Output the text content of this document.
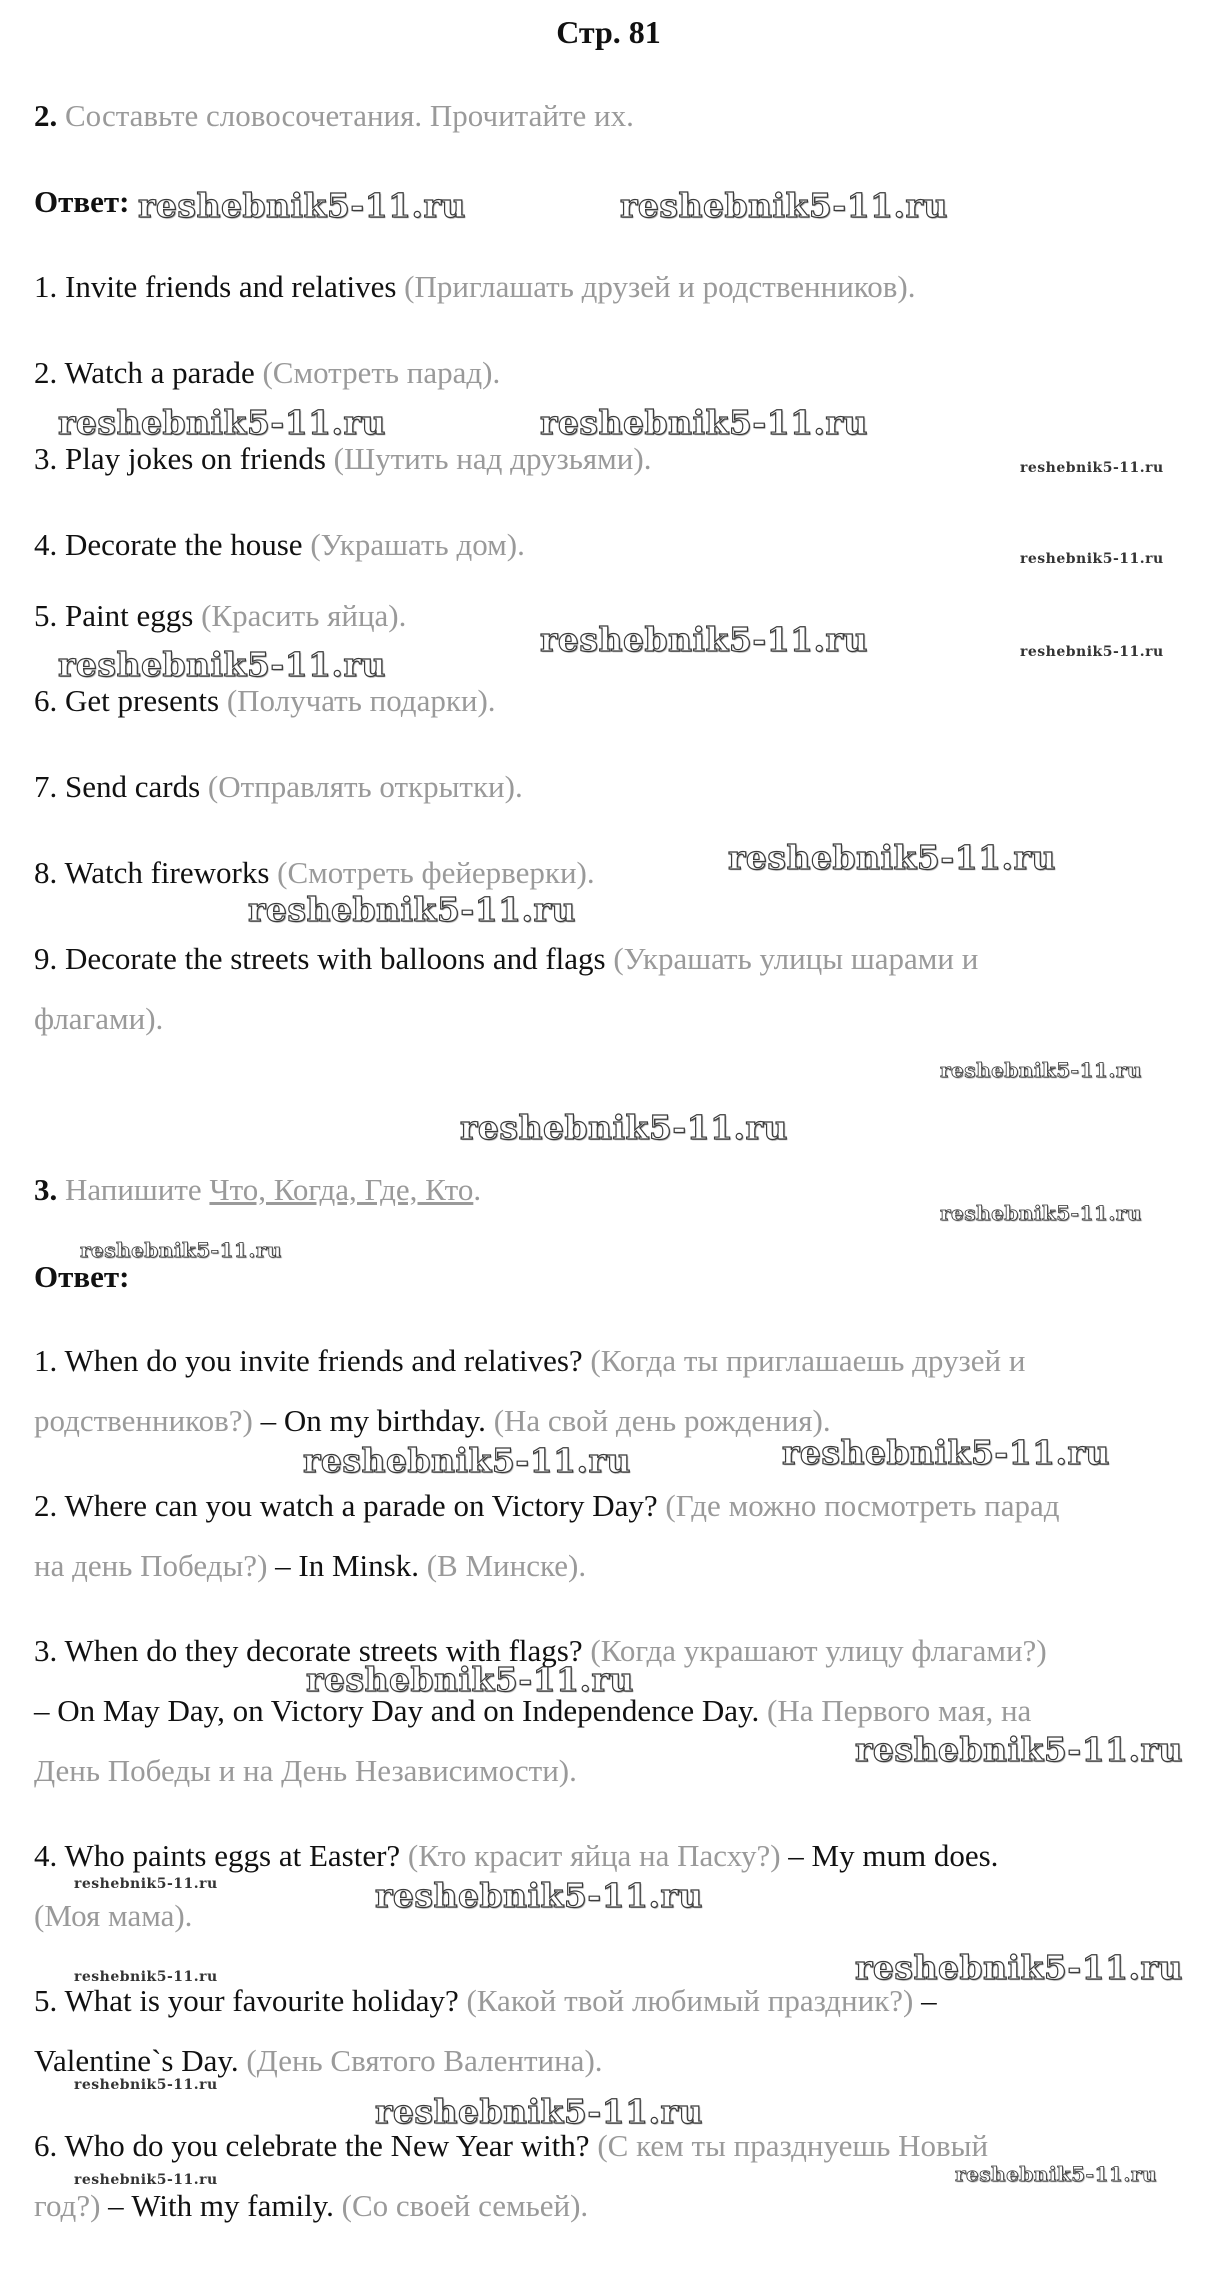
Стр. 81
2. Составьте словосочетания. Прочитайте их.
Ответ:
1. Invite friends and relatives (Приглашать друзей и родственников).
2. Watch a parade (Смотреть парад).
3. Play jokes on friends (Шутить над друзьями).
4. Decorate the house (Украшать дом).
5. Paint eggs (Красить яйца).
6. Get presents (Получать подарки).
7. Send cards (Отправлять открытки).
8. Watch fireworks (Смотреть фейерверки).
9. Decorate the streets with balloons and flags (Украшать улицы шарами и
флагами).
3. Напишите Что, Когда, Где, Кто.
Ответ:
1. When do you invite friends and relatives? (Когда ты приглашаешь друзей и
родственников?) – On my birthday. (На свой день рождения).
2. Where can you watch a parade on Victory Day? (Где можно посмотреть парад
на день Победы?) – In Minsk. (В Минске).
3. When do they decorate streets with flags? (Когда украшают улицу флагами?)
– On May Day, on Victory Day and on Independence Day. (На Первого мая, на
День Победы и на День Независимости).
4. Who paints eggs at Easter? (Кто красит яйца на Пасху?) – My mum does.
(Моя мама).
5. What is your favourite holiday? (Какой твой любимый праздник?) –
Valentine`s Day. (День Святого Валентина).
6. Who do you celebrate the New Year with? (С кем ты празднуешь Новый
год?) – With my family. (Со своей семьей).
reshebnik5-11.ru	reshebnik5-11.ru
reshebnik5-11.ru	reshebnik5-11.ru
reshebnik5-11.ru
reshebnik5-11.ru
reshebnik5-11.ru	reshebnik5-11.ru
reshebnik5-11.ru
reshebnik5-11.ru
reshebnik5-11.ru
reshebnik5-11.ru
reshebnik5-11.ru
reshebnik5-11.ru
reshebnik5-11.ru
reshebnik5-11.ru
reshebnik5-11.ru
reshebnik5-11.ru
reshebnik5-11.ru
reshebnik5-11.ru	reshebnik5-11.ru
reshebnik5-11.ru
reshebnik5-11.ru
reshebnik5-11.ru
reshebnik5-11.ru
reshebnik5-11.ru
reshebnik5-11.ru
